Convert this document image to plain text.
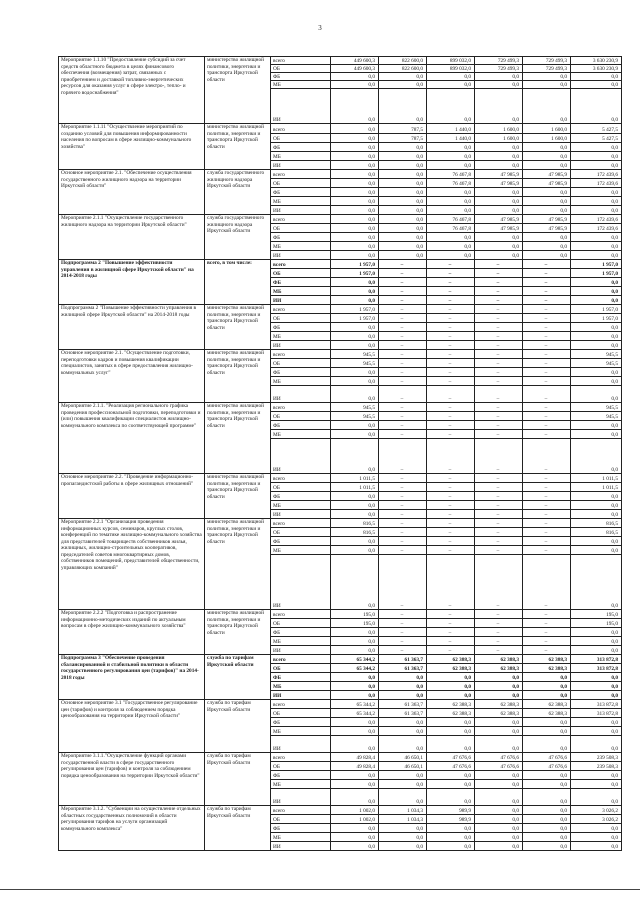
3
Мероприятие 1.1.10 "Предоставление субсидий за счет средств областного бюджета в целях финансового обеспечения (возмещения) затрат, связанных с приобретением и доставкой топливно-энергетических ресурсов для оказания услуг в сфере электро-, тепло- и горячего водоснабжения"	министерство жилищной политики, энергетики и транспорта Иркутской области	всего	449 600,3	822 600,0	899 032,0	729 499,3	729 499,3	3 630 230,9
		ОБ	449 600,3	822 600,0	899 032,0	729 499,3	729 499,3	3 630 230,9
		ФБ	0,0	0,0	0,0	0,0	0,0	0,0
		МБ	0,0	0,0	0,0	0,0	0,0	0,0
		ИИ	0,0	0,0	0,0	0,0	0,0	0,0
Мероприятие 1.1.11 "Осуществление мероприятий по созданию условий для повышения информированности населения по вопросам в сфере жилищно-коммунального хозяйства"	министерство жилищной политики, энергетики и транспорта Иркутской области	всего	0,0	787,5	1 440,0	1 600,0	1 600,0	5 427,5
		ОБ	0,0	787,5	1 440,0	1 600,0	1 600,0	5 427,5
		ФБ	0,0	0,0	0,0	0,0	0,0	0,0
		МБ	0,0	0,0	0,0	0,0	0,0	0,0
		ИИ	0,0	0,0	0,0	0,0	0,0	0,0
Основное мероприятие 2.1. "Обеспечение осуществления государственного жилищного надзора на территории Иркутской области"	служба государственного жилищного надзора Иркутской области	всего	0,0	0,0	76 467,8	47 985,9	47 985,9	172 439,6
		ОБ	0,0	0,0	76 467,8	47 985,9	47 985,9	172 439,6
		ФБ	0,0	0,0	0,0	0,0	0,0	0,0
		МБ	0,0	0,0	0,0	0,0	0,0	0,0
		ИИ	0,0	0,0	0,0	0,0	0,0	0,0
Мероприятие 2.1.1 "Осуществление государственного жилищного надзора на территории Иркутской области"	служба государственного жилищного надзора Иркутской области	всего	0,0	0,0	76 467,8	47 985,9	47 985,9	172 439,6
		ОБ	0,0	0,0	76 467,8	47 985,9	47 985,9	172 439,6
		ФБ	0,0	0,0	0,0	0,0	0,0	0,0
		МБ	0,0	0,0	0,0	0,0	0,0	0,0
		ИИ	0,0	0,0	0,0	0,0	0,0	0,0
Подпрограмма 2 "Повышение эффективности управления в жилищной сфере Иркутской области" на 2014-2018 годы	всего, в том числе:	всего	1 957,0	–	–	–	–	1 957,0
		ОБ	1 957,0	–	–	–	–	1 957,0
		ФБ	0,0	–	–	–	–	0,0
		МБ	0,0	–	–	–	–	0,0
		ИИ	0,0	–	–	–	–	0,0
Подпрограмма 2 "Повышение эффективности управления в жилищной сфере Иркутской области" на 2014-2018 годы	министерство жилищной политики, энергетики и транспорта Иркутской области	всего	1 957,0	–	–	–	–	1 957,0
		ОБ	1 957,0	–	–	–	–	1 957,0
		ФБ	0,0	–	–	–	–	0,0
		МБ	0,0	–	–	–	–	0,0
		ИИ	0,0	–	–	–	–	0,0
Основное мероприятие 2.1. "Осуществление подготовки, переподготовки кадров и повышения квалификации специалистов, занятых в сфере предоставления жилищно-коммунальных услуг"	министерство жилищной политики, энергетики и транспорта Иркутской области	всего	945,5	–	–	–	–	945,5
		ОБ	945,5	–	–	–	–	945,5
		ФБ	0,0	–	–	–	–	0,0
		МБ	0,0	–	–	–	–	0,0
		ИИ	0,0	–	–	–	–	0,0
Мероприятие 2.1.1. "Реализация регионального графика проведения профессиональной подготовки, переподготовки и (или) повышения квалификации специалистов жилищно-коммунального комплекса по соответствующей программе"	министерство жилищной политики, энергетики и транспорта Иркутской области	всего	945,5	–	–	–	–	945,5
		ОБ	945,5	–	–	–	–	945,5
		ФБ	0,0	–	–	–	–	0,0
		МБ	0,0	–	–	–	–	0,0
		ИИ	0,0	–	–	–	–	0,0
Основное мероприятие 2.2. "Проведение информационно-пропагандистской работы в сфере жилищных отношений"	министерство жилищной политики, энергетики и транспорта Иркутской области	всего	1 011,5	–	–	–	–	1 011,5
		ОБ	1 011,5	–	–	–	–	1 011,5
		ФБ	0,0	–	–	–	–	0,0
		МБ	0,0	–	–	–	–	0,0
		ИИ	0,0	–	–	–	–	0,0
Мероприятие 2.2.1 "Организация проведения информационных курсов, семинаров, круглых столов, конференций по тематике жилищно-коммунального хозяйства для представителей товариществ собственников жилья, жилищных, жилищно-строительных кооперативов, председателей советов многоквартирных домов, собственников помещений, представителей общественности, управляющих компаний"	министерство жилищной политики, энергетики и транспорта Иркутской области	всего	816,5	–	–	–	–	816,5
		ОБ	816,5	–	–	–	–	816,5
		ФБ	0,0	–	–	–	–	0,0
		МБ	0,0	–	–	–	–	0,0
		ИИ	0,0	–	–	–	–	0,0
Мероприятие 2.2.2 "Подготовка и распространение информационно-методических изданий по актуальным вопросам в сфере жилищно-коммунального хозяйства"	министерство жилищной политики, энергетики и транспорта Иркутской области	всего	195,0	–	–	–	–	195,0
		ОБ	195,0	–	–	–	–	195,0
		ФБ	0,0	–	–	–	–	0,0
		МБ	0,0	–	–	–	–	0,0
		ИИ	0,0	–	–	–	–	0,0
Подпрограмма 3 "Обеспечение проведения сбалансированной и стабильной политики в области государственного регулирования цен (тарифов)" на 2014-2018 годы	служба по тарифам Иркутской области	всего	65 344,2	61 363,7	62 388,3	62 388,3	62 388,3	313 872,8
		ОБ	65 344,2	61 363,7	62 388,3	62 388,3	62 388,3	313 872,8
		ФБ	0,0	0,0	0,0	0,0	0,0	0,0
		МБ	0,0	0,0	0,0	0,0	0,0	0,0
		ИИ	0,0	0,0	0,0	0,0	0,0	0,0
Основное мероприятие 3.1 "Государственное регулирование цен (тарифов) и контроля за соблюдением порядка ценообразования на территории Иркутской области"	служба по тарифам Иркутской области	всего	65 344,2	61 363,7	62 388,3	62 388,3	62 388,3	313 872,8
		ОБ	65 344,2	61 363,7	62 388,3	62 388,3	62 388,3	313 872,8
		ФБ	0,0	0,0	0,0	0,0	0,0	0,0
		МБ	0,0	0,0	0,0	0,0	0,0	0,0
		ИИ	0,0	0,0	0,0	0,0	0,0	0,0
Мероприятие 3.1.1."Осуществление функций органами государственной власти в сфере государственного регулирования цен (тарифов) и контроля за соблюдением порядка ценообразования на территории Иркутской области"	служба по тарифам Иркутской области	всего	49 828,4	46 650,1	47 676,6	47 676,6	47 676,6	239 508,3
		ОБ	49 828,4	46 650,1	47 676,6	47 676,6	47 676,6	239 508,3
		ФБ	0,0	0,0	0,0	0,0	0,0	0,0
		МБ	0,0	0,0	0,0	0,0	0,0	0,0
		ИИ	0,0	0,0	0,0	0,0	0,0	0,0
Мероприятие 3.1.2. "Субвенции на осуществление отдельных областных государственных полномочий в области регулирования тарифов на услуги организаций коммунального комплекса"	служба по тарифам Иркутской области	всего	1 002,0	1 034,3	989,9	0,0	0,0	3 026,2
		ОБ	1 002,0	1 034,3	989,9	0,0	0,0	3 026,2
		ФБ	0,0	0,0	0,0	0,0	0,0	0,0
		МБ	0,0	0,0	0,0	0,0	0,0	0,0
		ИИ	0,0	0,0	0,0	0,0	0,0	0,0
